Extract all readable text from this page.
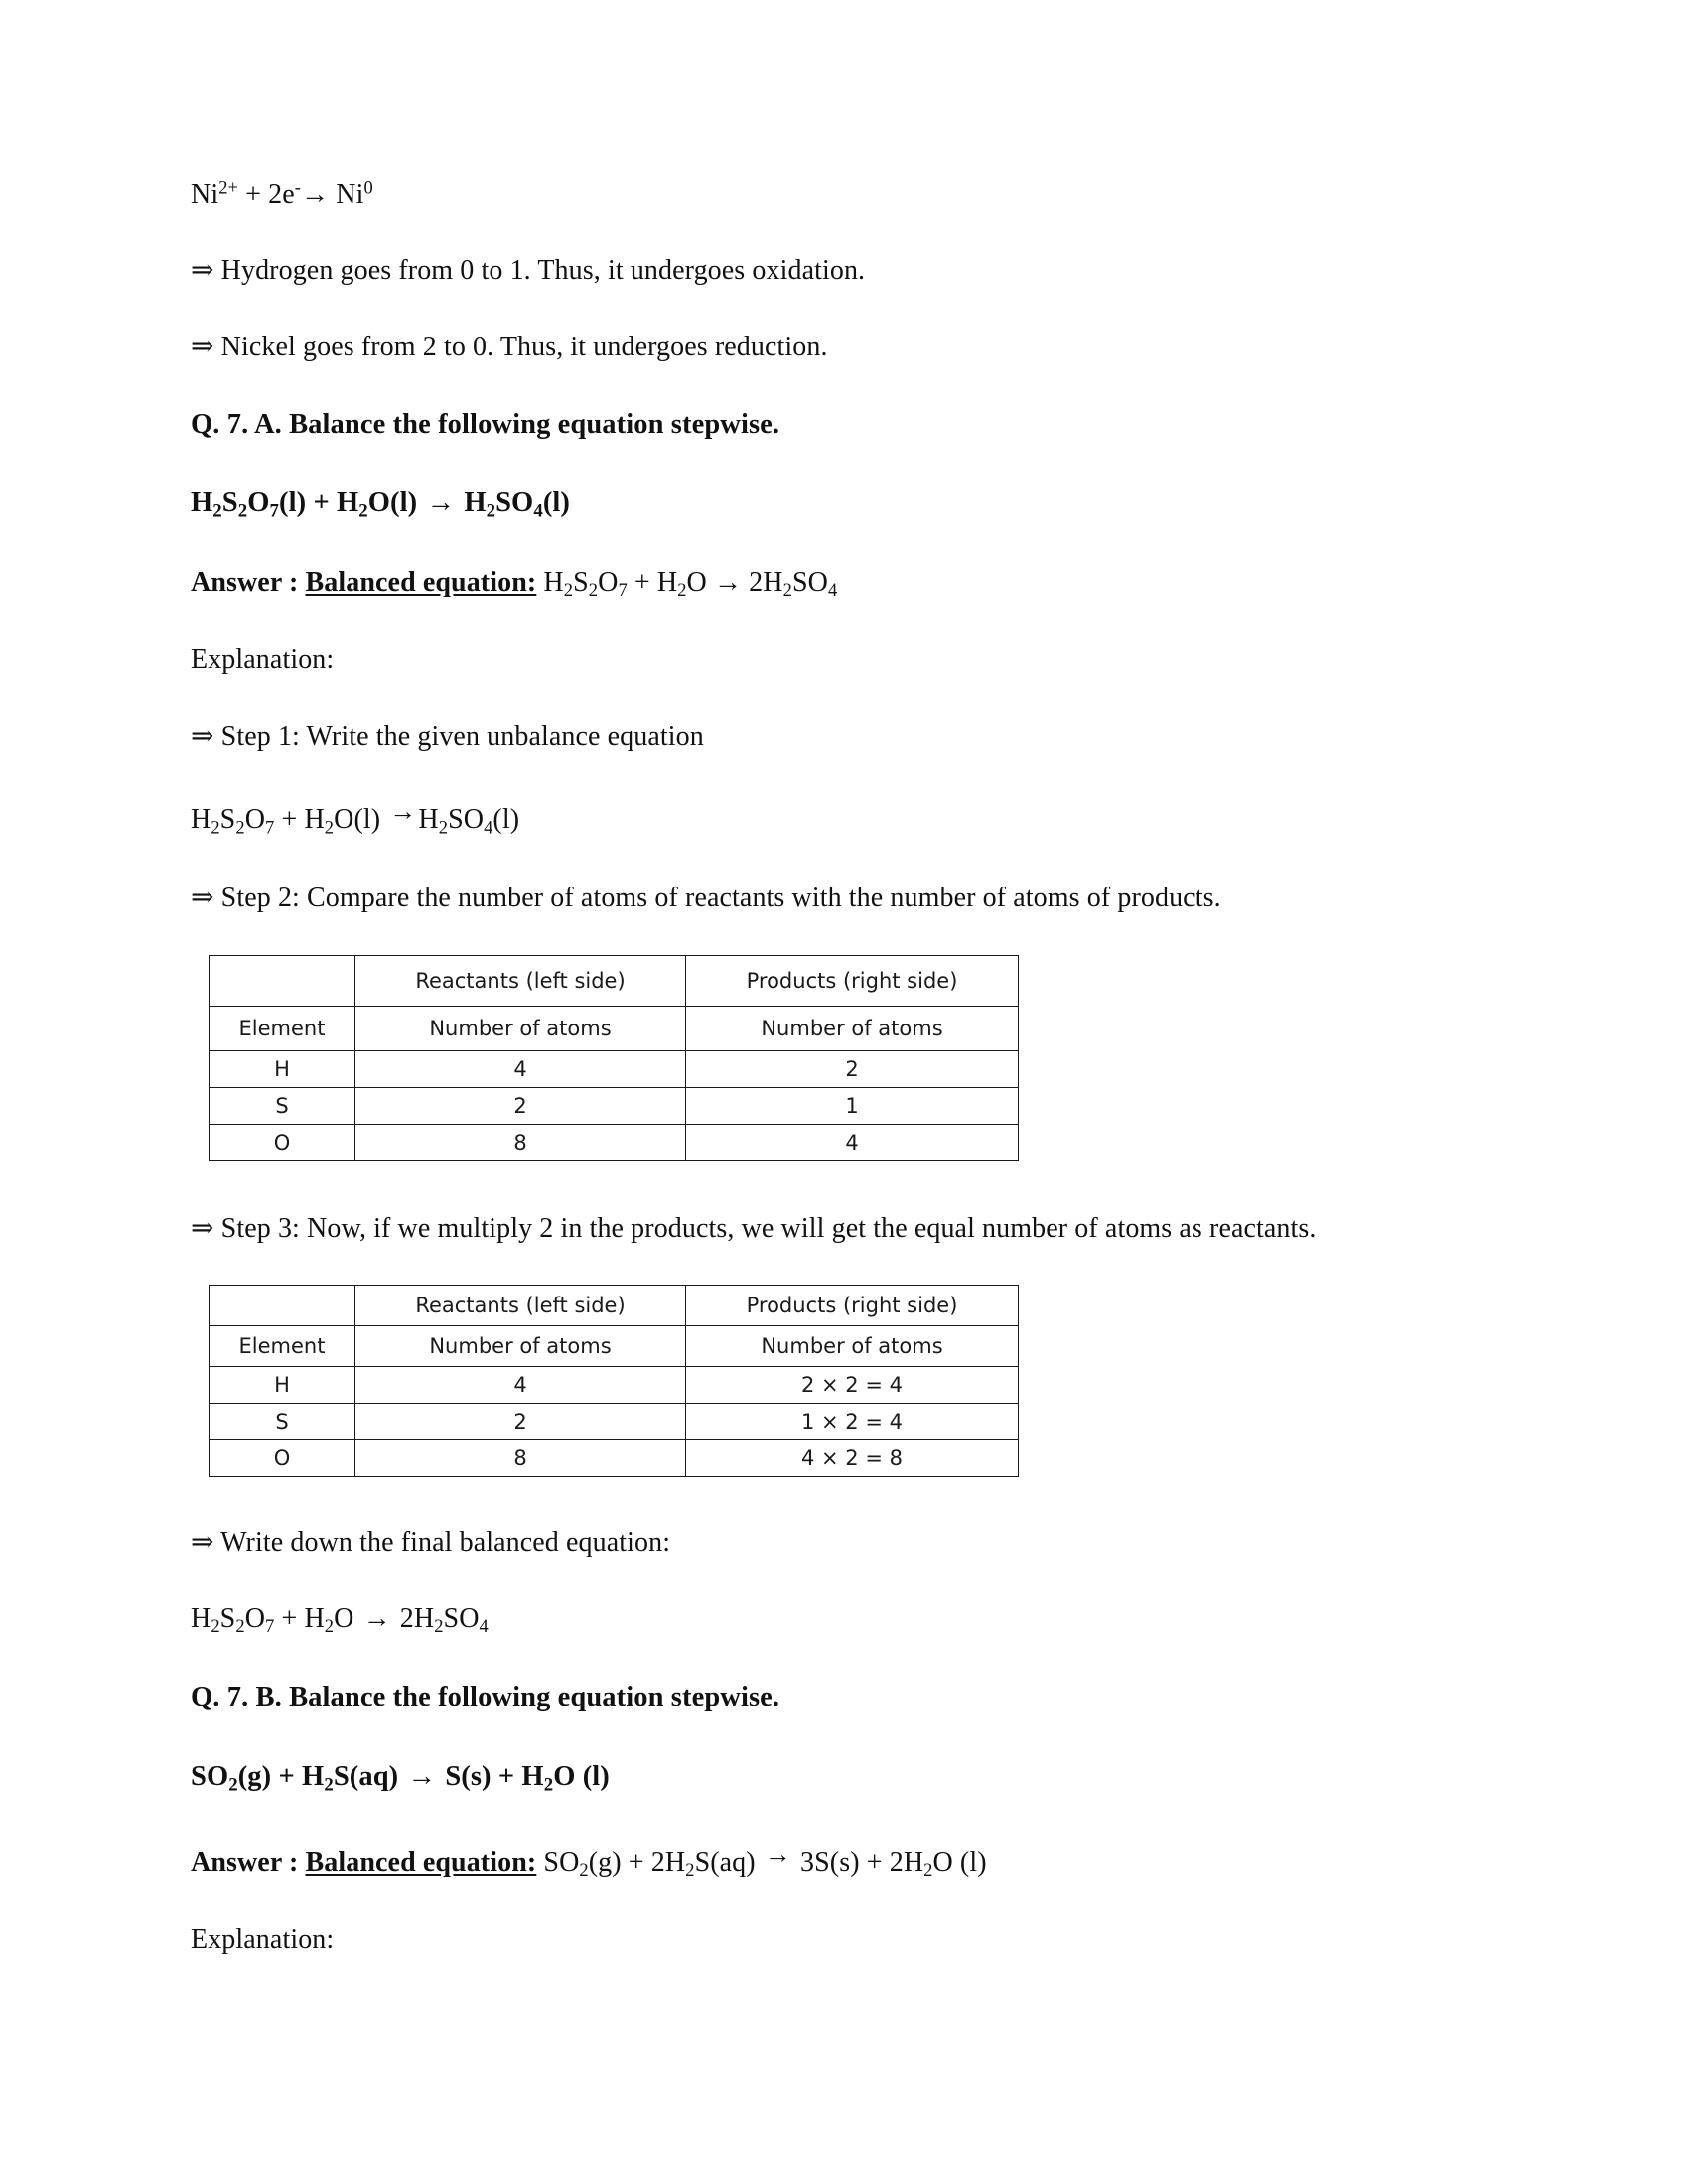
$Ni^{2+} + 2e^-\to Ni^0$

⇒ Hydrogen goes from 0 to 1. Thus, it undergoes oxidation.

⇒ Nickel goes from 2 to 0. Thus, it undergoes reduction.

Q. 7. A. Balance the following equation stepwise.

$H_2S_2O_7(l) + H_2O(l) \to H_2SO_4(l)$

Answer : Balanced equation: $H_2S_2O_7 + H_2O \to 2H_2SO_4$

Explanation:

⇒ Step 1: Write the given unbalance equation

$H_2S_2O_7 + H_2O(l) \to H_2SO_4(l)$

⇒ Step 2: Compare the number of atoms of reactants with the number of atoms of products.

	Reactants (left side)	Products (right side)
Element	Number of atoms	Number of atoms
H	4	2
S	2	1
O	8	4

⇒ Step 3: Now, if we multiply 2 in the products, we will get the equal number of atoms as reactants.

	Reactants (left side)	Products (right side)
Element	Number of atoms	Number of atoms
H	4	2 × 2 = 4
S	2	1 × 2 = 4
O	8	4 × 2 = 8

⇒ Write down the final balanced equation:

$H_2S_2O_7 + H_2O \to 2H_2SO_4$

Q. 7. B. Balance the following equation stepwise.

$SO_2(g) + H_2S(aq) \to S(s) + H_2O$ (l)

Answer : Balanced equation: $SO_2(g) + 2H_2S(aq) \to 3S(s) + 2H_2O$ (l)

Explanation:
